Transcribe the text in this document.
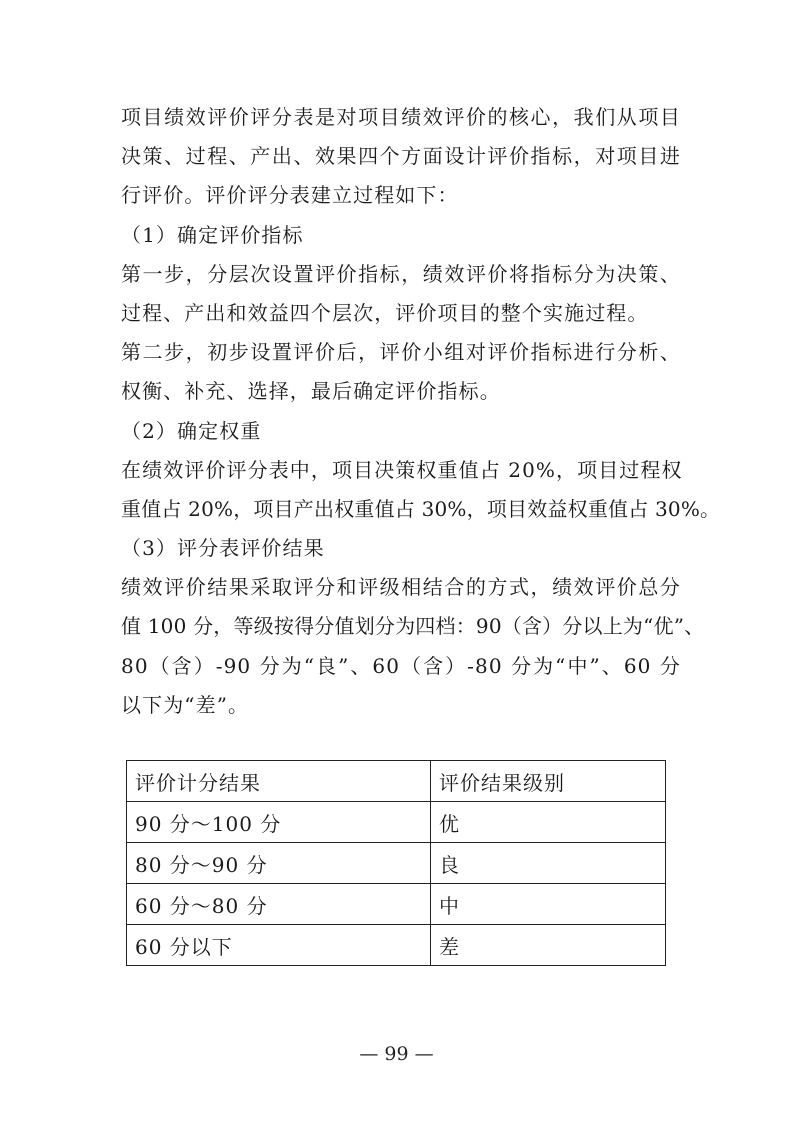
项目绩效评价评分表是对项目绩效评价的核心，我们从项目
决策、过程、产出、效果四个方面设计评价指标，对项目进
行评价。评价评分表建立过程如下：
（1）确定评价指标
第一步，分层次设置评价指标，绩效评价将指标分为决策、
过程、产出和效益四个层次，评价项目的整个实施过程。
第二步，初步设置评价后，评价小组对评价指标进行分析、
权衡、补充、选择，最后确定评价指标。
（2）确定权重
在绩效评价评分表中，项目决策权重值占 20%，项目过程权
重值占 20%，项目产出权重值占 30%，项目效益权重值占 30%。
（3）评分表评价结果
绩效评价结果采取评分和评级相结合的方式，绩效评价总分
值 100 分，等级按得分值划分为四档：90（含）分以上为“优”、
80（含）-90 分为“良”、60（含）-80 分为“中”、60 分
以下为“差”。
评价计分结果	评价结果级别
90 分～100 分	优
80 分～90 分	良
60 分～80 分	中
60 分以下	差
— 99 —
